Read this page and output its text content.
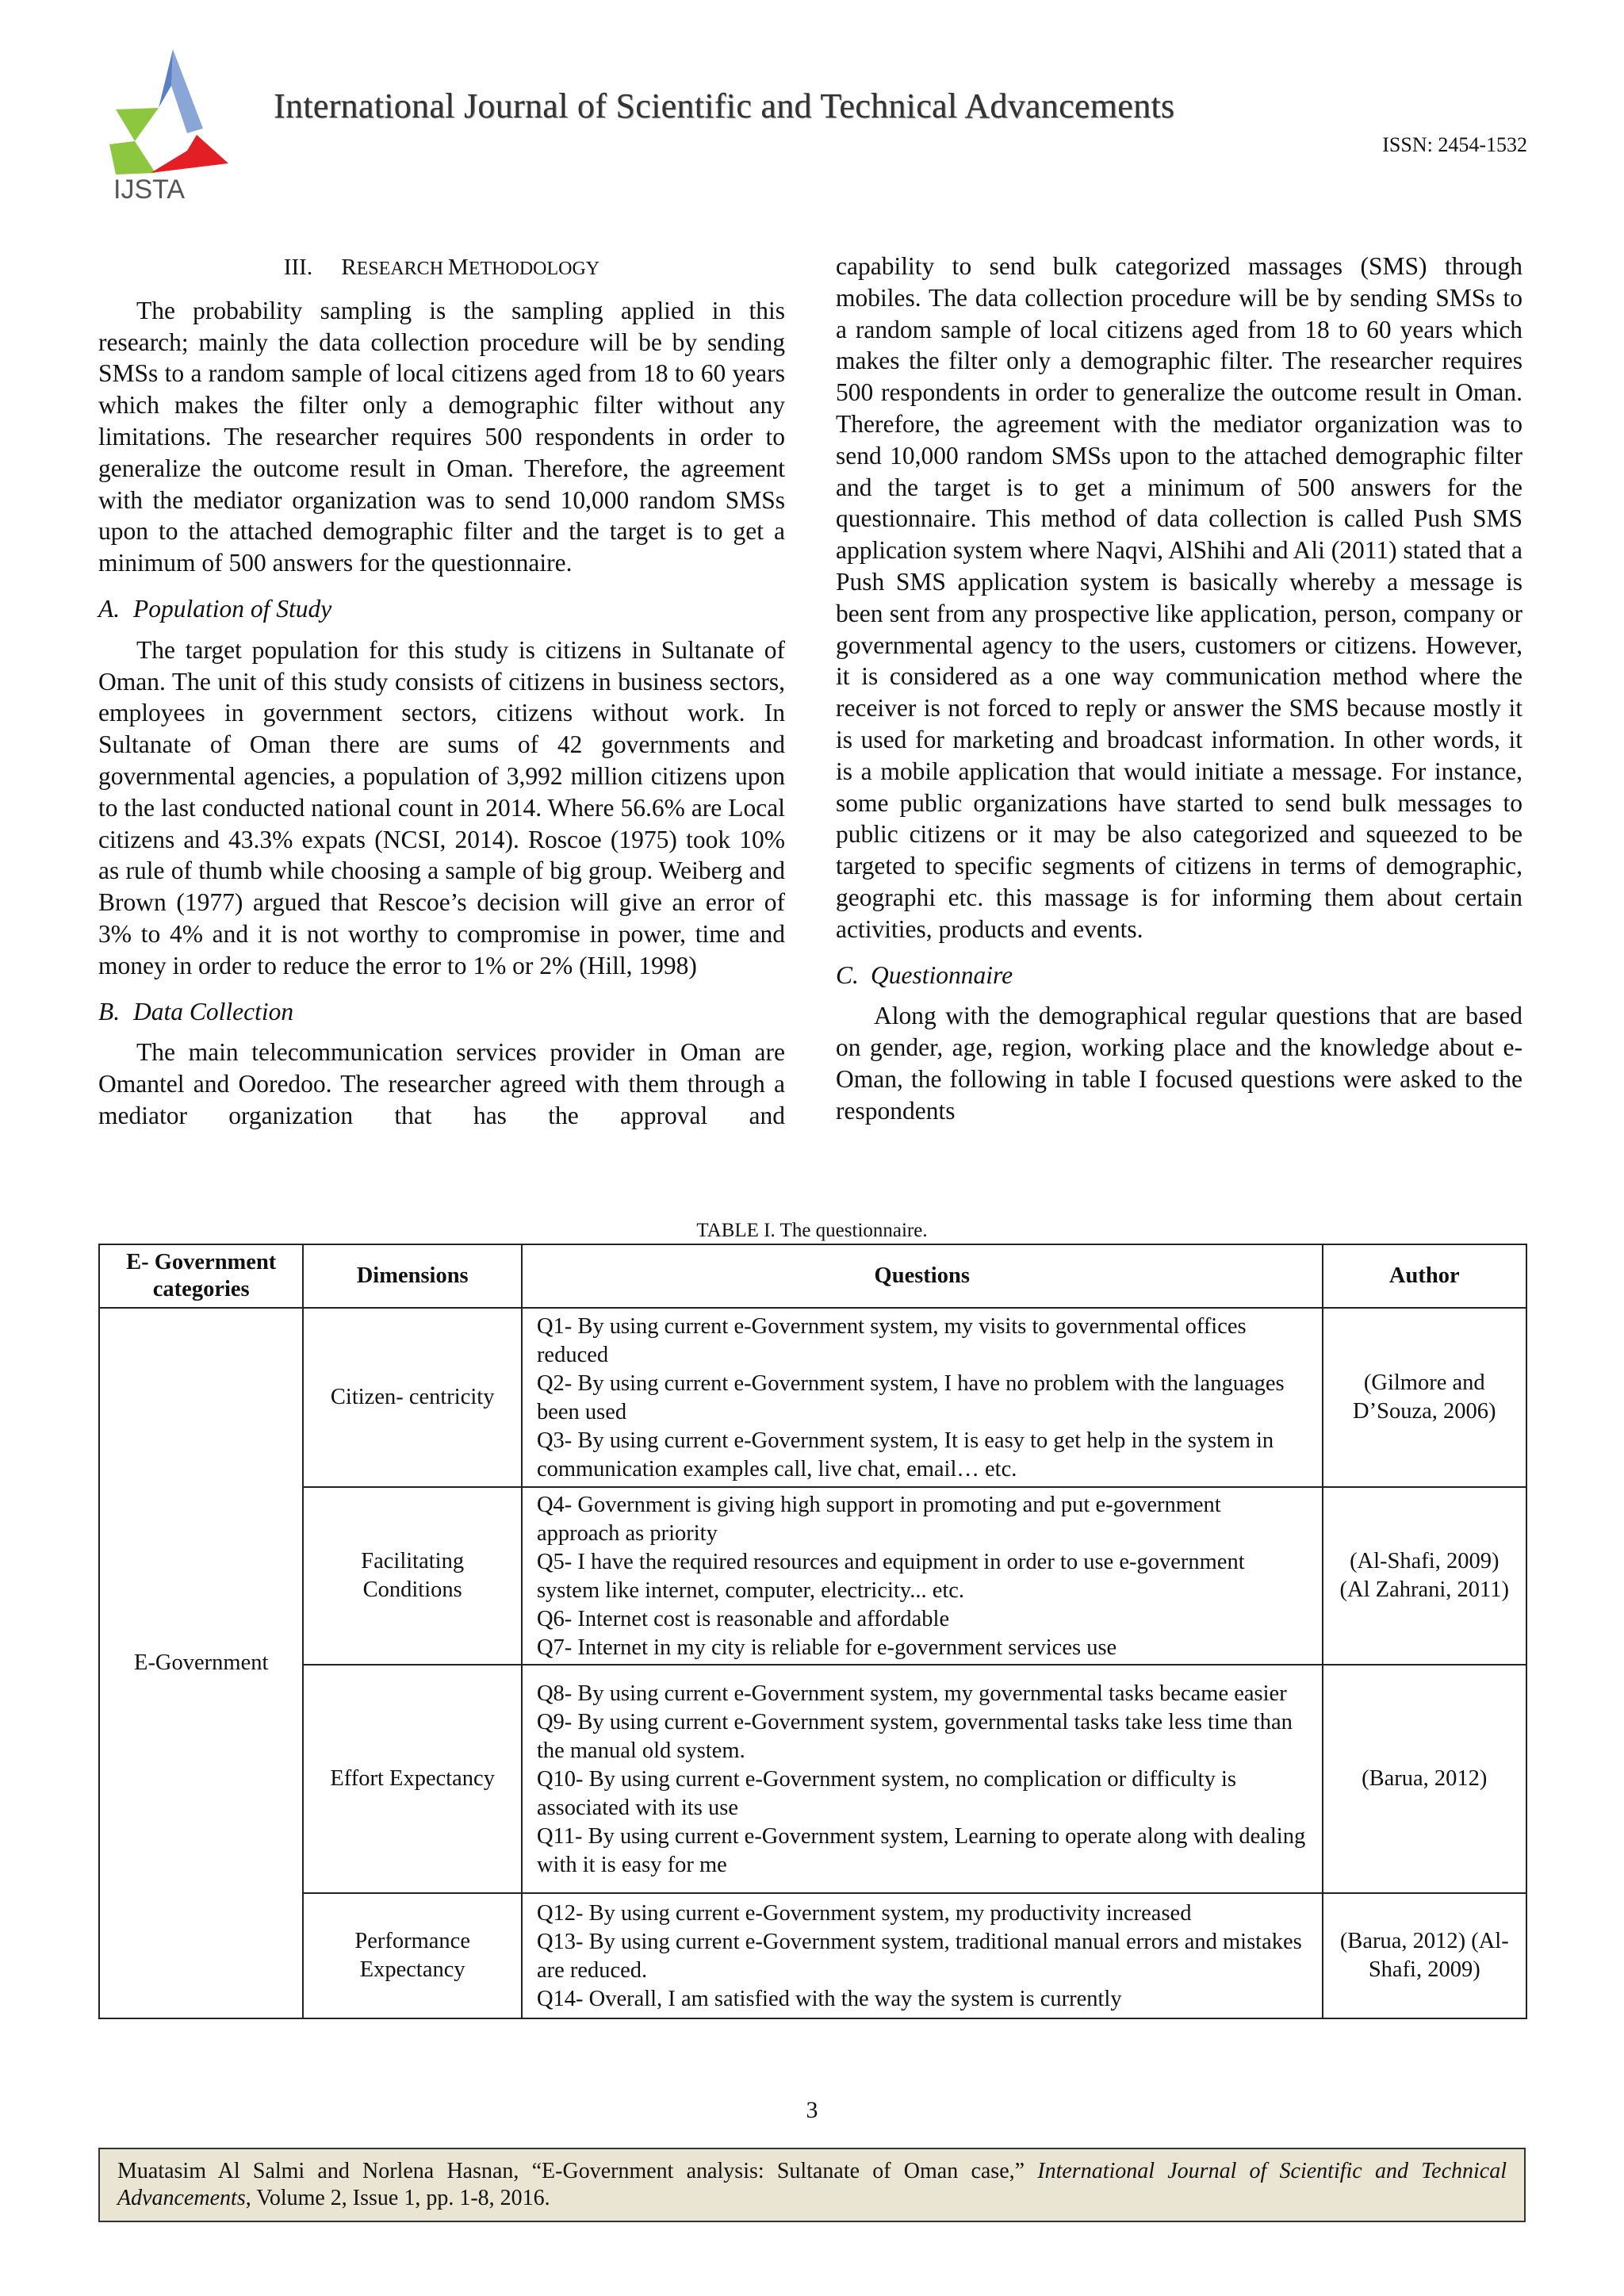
IJSTA
International Journal of Scientific and Technical Advancements
ISSN: 2454-1532
III. RESEARCH METHODOLOGY

The probability sampling is the sampling applied in this research; mainly the data collection procedure will be by sending SMSs to a random sample of local citizens aged from 18 to 60 years which makes the filter only a demographic filter without any limitations. The researcher requires 500 respondents in order to generalize the outcome result in Oman. Therefore, the agreement with the mediator organization was to send 10,000 random SMSs upon to the attached demographic filter and the target is to get a minimum of 500 answers for the questionnaire.

A. Population of Study

The target population for this study is citizens in Sultanate of Oman. The unit of this study consists of citizens in business sectors, employees in government sectors, citizens without work. In Sultanate of Oman there are sums of 42 governments and governmental agencies, a population of 3,992 million citizens upon to the last conducted national count in 2014. Where 56.6% are Local citizens and 43.3% expats (NCSI, 2014). Roscoe (1975) took 10% as rule of thumb while choosing a sample of big group. Weiberg and Brown (1977) argued that Rescoe’s decision will give an error of 3% to 4% and it is not worthy to compromise in power, time and money in order to reduce the error to 1% or 2% (Hill, 1998)

B. Data Collection

The main telecommunication services provider in Oman are Omantel and Ooredoo. The researcher agreed with them through a mediator organization that has the approval and

capability to send bulk categorized massages (SMS) through mobiles. The data collection procedure will be by sending SMSs to a random sample of local citizens aged from 18 to 60 years which makes the filter only a demographic filter. The researcher requires 500 respondents in order to generalize the outcome result in Oman. Therefore, the agreement with the mediator organization was to send 10,000 random SMSs upon to the attached demographic filter and the target is to get a minimum of 500 answers for the questionnaire. This method of data collection is called Push SMS application system where Naqvi, AlShihi and Ali (2011) stated that a Push SMS application system is basically whereby a message is been sent from any prospective like application, person, company or governmental agency to the users, customers or citizens. However, it is considered as a one way communication method where the receiver is not forced to reply or answer the SMS because mostly it is used for marketing and broadcast information. In other words, it is a mobile application that would initiate a message. For instance, some public organizations have started to send bulk messages to public citizens or it may be also categorized and squeezed to be targeted to specific segments of citizens in terms of demographic, geographi etc. this massage is for informing them about certain activities, products and events.

C. Questionnaire

Along with the demographical regular questions that are based on gender, age, region, working place and the knowledge about e-Oman, the following in table I focused questions were asked to the respondents

TABLE I. The questionnaire.
E- Government categories	Dimensions	Questions	Author
E-Government	Citizen- centricity	Q1- By using current e-Government system, my visits to governmental offices reduced
Q2- By using current e-Government system, I have no problem with the languages been used
Q3- By using current e-Government system, It is easy to get help in the system in communication examples call, live chat, email… etc.	(Gilmore and D’Souza, 2006)
	Facilitating Conditions	Q4- Government is giving high support in promoting and put e-government approach as priority
Q5- I have the required resources and equipment in order to use e-government system like internet, computer, electricity... etc.
Q6- Internet cost is reasonable and affordable
Q7- Internet in my city is reliable for e-government services use	(Al-Shafi, 2009) (Al Zahrani, 2011)
	Effort Expectancy	Q8- By using current e-Government system, my governmental tasks became easier
Q9- By using current e-Government system, governmental tasks take less time than the manual old system.
Q10- By using current e-Government system, no complication or difficulty is associated with its use
Q11- By using current e-Government system, Learning to operate along with dealing with it is easy for me	(Barua, 2012)
	Performance Expectancy	Q12- By using current e-Government system, my productivity increased
Q13- By using current e-Government system, traditional manual errors and mistakes are reduced.
Q14- Overall, I am satisfied with the way the system is currently	(Barua, 2012) (Al-Shafi, 2009)
3
Muatasim Al Salmi and Norlena Hasnan, “E-Government analysis: Sultanate of Oman case,” International Journal of Scientific and Technical Advancements, Volume 2, Issue 1, pp. 1-8, 2016.
